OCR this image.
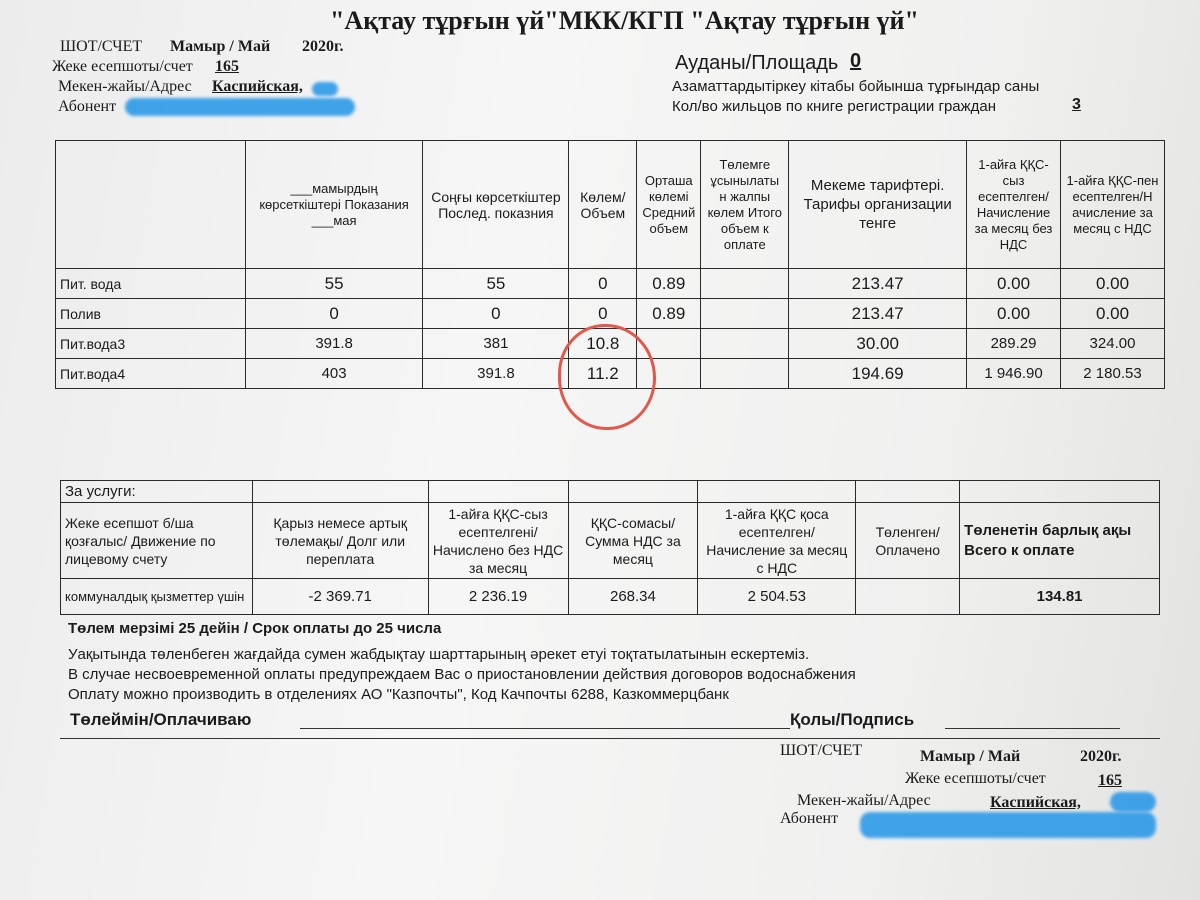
"Ақтау тұрғын үй"МКК/КГП "Ақтау тұрғын үй"
ШОТ/СЧЕТ Мамыр / Май 2020г.
Жеке есепшоты/счет 165
Мекен-жайы/Адрес Каспийская,
Абонент
Ауданы/Площадь 0
Азаматтардытіркеу кітабы бойынша тұрғындар саны
Кол/во жильцов по книге регистрации граждан	3
	___мамырдың көрсеткіштері Показания ___мая	Соңғы көрсеткіштер Послед. показния	Көлем/ Объем	Орташа көлемі Средний объем	Төлемге ұсынылаты н жалпы көлем Итого объем к оплате	Мекеме тарифтері. Тарифы организации тенге	1-айға ҚҚС-сыз есептелген/ Начисление за месяц без НДС	1-айға ҚҚС-пен есептелген/Н ачисление за месяц с НДС
Пит. вода	55	55	0	0.89		213.47	0.00	0.00
Полив	0	0	0	0.89		213.47	0.00	0.00
Пит.вода3	391.8	381	10.8			30.00	289.29	324.00
Пит.вода4	403	391.8	11.2			194.69	1 946.90	2 180.53
За услуги:						
Жеке есепшот б/ша қозғалыс/ Движение по лицевому счету	Қарыз немесе артық төлемақы/ Долг или переплата	1-айға ҚҚС-сыз есептелгені/ Начислено без НДС за месяц	ҚҚС-сомасы/ Сумма НДС за месяц	1-айға ҚҚС қоса есептелген/ Начисление за месяц с НДС	Төленген/ Оплачено	Төленетін барлық ақы Всего к оплате
коммуналдық қызметтер үшін	-2 369.71	2 236.19	268.34	2 504.53		134.81
Төлем мерзімі 25 дейін / Срок оплаты до 25 числа
Уақытында төленбеген жағдайда сумен жабдықтау шарттарының әрекет етуі тоқтатылатынын ескертеміз.
В случае несвоевременной оплаты предупреждаем Вас о приостановлении действия договоров водоснабжения
Оплату можно производить в отделениях АО "Казпочты", Код Качпочты 6288, Казкоммерцбанк
Төлеймін/Оплачиваю	Қолы/Подпись
ШОТ/СЧЕТ	Мамыр / Май	2020г.
Жеке есепшоты/счет	165
Мекен-жайы/Адрес	Каспийская,
Абонент
